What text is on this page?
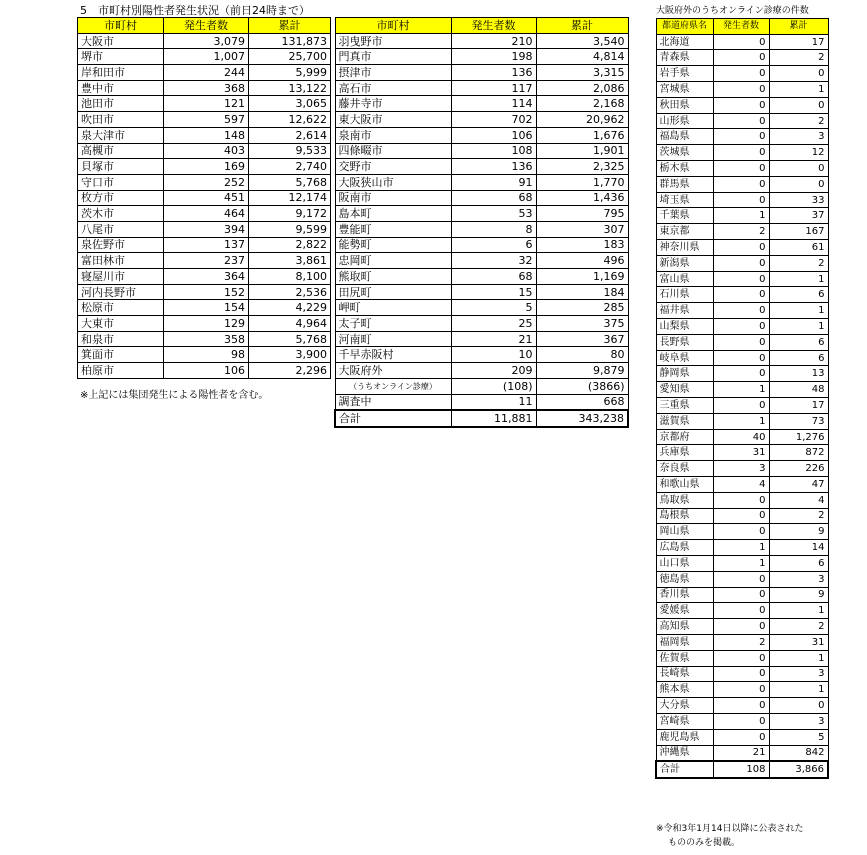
5　市町村別陽性者発生状況（前日24時まで）
市町村	発生者数	累計
大阪市	3,079	131,873
堺市	1,007	25,700
岸和田市	244	5,999
豊中市	368	13,122
池田市	121	3,065
吹田市	597	12,622
泉大津市	148	2,614
高槻市	403	9,533
貝塚市	169	2,740
守口市	252	5,768
枚方市	451	12,174
茨木市	464	9,172
八尾市	394	9,599
泉佐野市	137	2,822
富田林市	237	3,861
寝屋川市	364	8,100
河内長野市	152	2,536
松原市	154	4,229
大東市	129	4,964
和泉市	358	5,768
箕面市	98	3,900
柏原市	106	2,296
※上記には集団発生による陽性者を含む。
市町村	発生者数	累計
羽曳野市	210	3,540
門真市	198	4,814
摂津市	136	3,315
高石市	117	2,086
藤井寺市	114	2,168
東大阪市	702	20,962
泉南市	106	1,676
四條畷市	108	1,901
交野市	136	2,325
大阪狭山市	91	1,770
阪南市	68	1,436
島本町	53	795
豊能町	8	307
能勢町	6	183
忠岡町	32	496
熊取町	68	1,169
田尻町	15	184
岬町	5	285
太子町	25	375
河南町	21	367
千早赤阪村	10	80
大阪府外	209	9,879
（うちオンライン診療）	(108)	(3866)
調査中	11	668
合計	11,881	343,238
大阪府外のうちオンライン診療の件数
都道府県名	発生者数	累計
北海道	0	17
青森県	0	2
岩手県	0	0
宮城県	0	1
秋田県	0	0
山形県	0	2
福島県	0	3
茨城県	0	12
栃木県	0	0
群馬県	0	0
埼玉県	0	33
千葉県	1	37
東京都	2	167
神奈川県	0	61
新潟県	0	2
富山県	0	1
石川県	0	6
福井県	0	1
山梨県	0	1
長野県	0	6
岐阜県	0	6
静岡県	0	13
愛知県	1	48
三重県	0	17
滋賀県	1	73
京都府	40	1,276
兵庫県	31	872
奈良県	3	226
和歌山県	4	47
鳥取県	0	4
島根県	0	2
岡山県	0	9
広島県	1	14
山口県	1	6
徳島県	0	3
香川県	0	9
愛媛県	0	1
高知県	0	2
福岡県	2	31
佐賀県	0	1
長崎県	0	3
熊本県	0	1
大分県	0	0
宮崎県	0	3
鹿児島県	0	5
沖縄県	21	842
合計	108	3,866
※令和3年1月14日以降に公表された
もののみを掲載。
